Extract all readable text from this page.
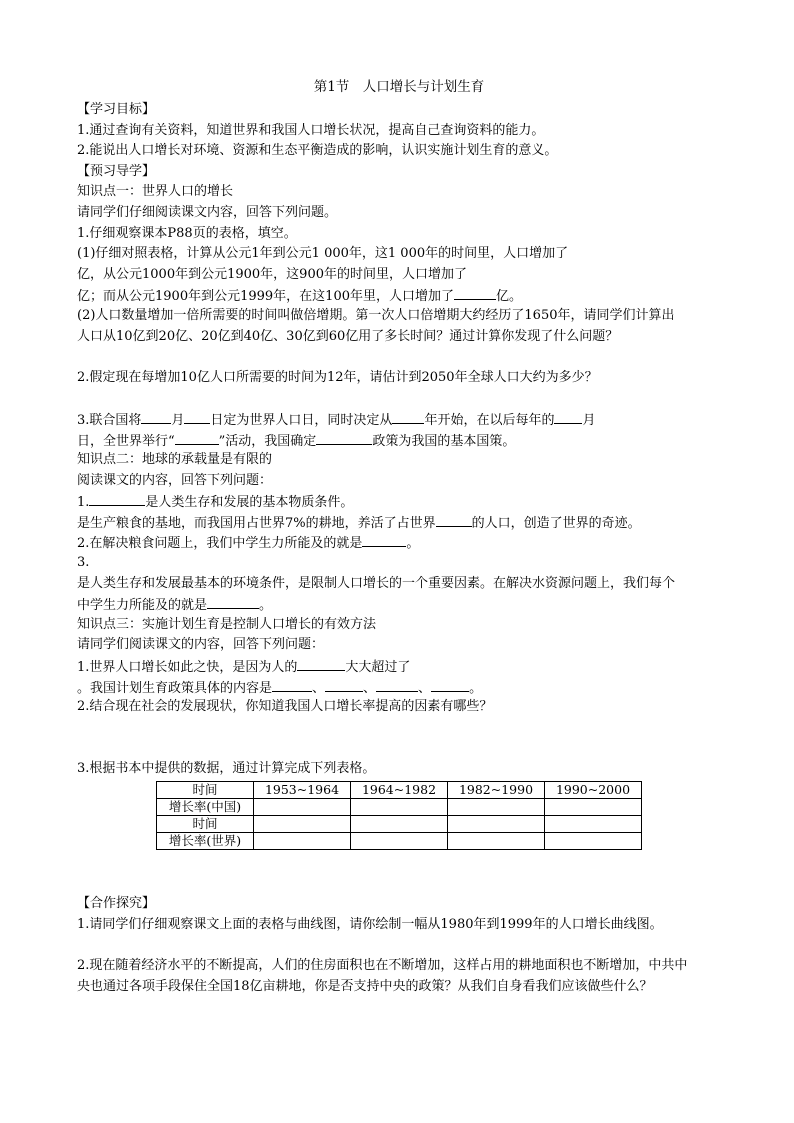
第1节　人口增长与计划生育
【学习目标】
1.通过查询有关资料，知道世界和我国人口增长状况，提高自己查询资料的能力。
2.能说出人口增长对环境、资源和生态平衡造成的影响，认识实施计划生育的意义。
【预习导学】
知识点一：世界人口的增长
请同学们仔细阅读课文内容，回答下列问题。
1.仔细观察课本P88页的表格，填空。
(1)仔细对照表格，计算从公元1年到公元1 000年，这1 000年的时间里，人口增加了
亿，从公元1000年到公元1900年，这900年的时间里，人口增加了
亿；而从公元1900年到公元1999年，在这100年里，人口增加了	亿。
(2)人口数量增加一倍所需要的时间叫做倍增期。第一次人口倍增期大约经历了1650年，请同学们计算出
人口从10亿到20亿、20亿到40亿、30亿到60亿用了多长时间？通过计算你发现了什么问题？
2.假定现在每增加10亿人口所需要的时间为12年，请估计到2050年全球人口大约为多少？
3.联合国将 月 日定为世界人口日，同时决定从 年开始，在以后每年的 月
日，全世界举行“	”活动，我国确定	政策为我国的基本国策。
知识点二：地球的承载量是有限的
阅读课文的内容，回答下列问题：
1.	是人类生存和发展的基本物质条件。
是生产粮食的基地，而我国用占世界7%的耕地，养活了占世界	的人口，创造了世界的奇迹。
2.在解决粮食问题上，我们中学生力所能及的就是	。
3.
是人类生存和发展最基本的环境条件，是限制人口增长的一个重要因素。在解决水资源问题上，我们每个
中学生力所能及的就是	。
知识点三：实施计划生育是控制人口增长的有效方法
请同学们阅读课文的内容，回答下列问题：
1.世界人口增长如此之快，是因为人的	大大超过了
。我国计划生育政策具体的内容是	、	、	、	。
2.结合现在社会的发展现状，你知道我国人口增长率提高的因素有哪些？
3.根据书本中提供的数据，通过计算完成下列表格。
时间	1953~1964	1964~1982	1982~1990	1990~2000
增长率(中国)				
时间				
增长率(世界)				
【合作探究】
1.请同学们仔细观察课文上面的表格与曲线图，请你绘制一幅从1980年到1999年的人口增长曲线图。
2.现在随着经济水平的不断提高，人们的住房面积也在不断增加，这样占用的耕地面积也不断增加，中共中
央也通过各项手段保住全国18亿亩耕地，你是否支持中央的政策？从我们自身看我们应该做些什么？
